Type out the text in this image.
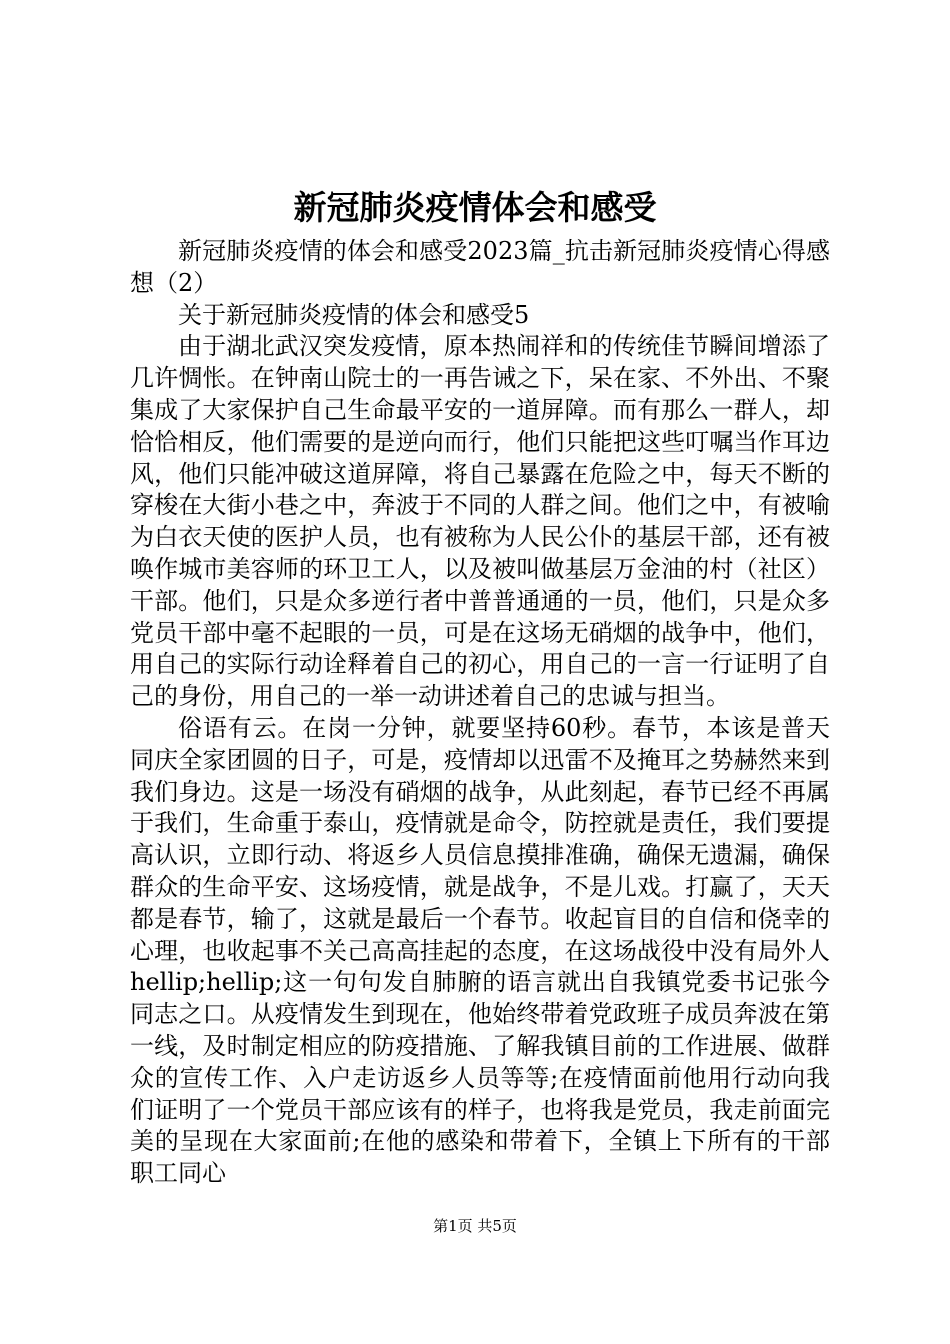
新冠肺炎疫情体会和感受

新冠肺炎疫情的体会和感受2023篇_抗击新冠肺炎疫情心得感想（2）

关于新冠肺炎疫情的体会和感受5

由于湖北武汉突发疫情，原本热闹祥和的传统佳节瞬间增添了几许惆怅。在钟南山院士的一再告诫之下，呆在家、不外出、不聚集成了大家保护自己生命最平安的一道屏障。而有那么一群人，却恰恰相反，他们需要的是逆向而行，他们只能把这些叮嘱当作耳边风，他们只能冲破这道屏障，将自己暴露在危险之中，每天不断的穿梭在大街小巷之中，奔波于不同的人群之间。他们之中，有被喻为白衣天使的医护人员，也有被称为人民公仆的基层干部，还有被唤作城市美容师的环卫工人，以及被叫做基层万金油的村（社区）干部。他们，只是众多逆行者中普普通通的一员，他们，只是众多党员干部中毫不起眼的一员，可是在这场无硝烟的战争中，他们，用自己的实际行动诠释着自己的初心，用自己的一言一行证明了自己的身份，用自己的一举一动讲述着自己的忠诚与担当。

俗语有云。在岗一分钟，就要坚持60秒。春节，本该是普天同庆全家团圆的日子，可是，疫情却以迅雷不及掩耳之势赫然来到我们身边。这是一场没有硝烟的战争，从此刻起，春节已经不再属于我们，生命重于泰山，疫情就是命令，防控就是责任，我们要提高认识，立即行动、将返乡人员信息摸排准确，确保无遗漏，确保群众的生命平安、这场疫情，就是战争，不是儿戏。打赢了，天天都是春节，输了，这就是最后一个春节。收起盲目的自信和侥幸的心理，也收起事不关己高高挂起的态度，在这场战役中没有局外人hellip;hellip;这一句句发自肺腑的语言就出自我镇党委书记张今同志之口。从疫情发生到现在，他始终带着党政班子成员奔波在第一线，及时制定相应的防疫措施、了解我镇目前的工作进展、做群众的宣传工作、入户走访返乡人员等等;在疫情面前他用行动向我们证明了一个党员干部应该有的样子，也将我是党员，我走前面完美的呈现在大家面前;在他的感染和带着下，全镇上下所有的干部职工同心

第1页 共5页
